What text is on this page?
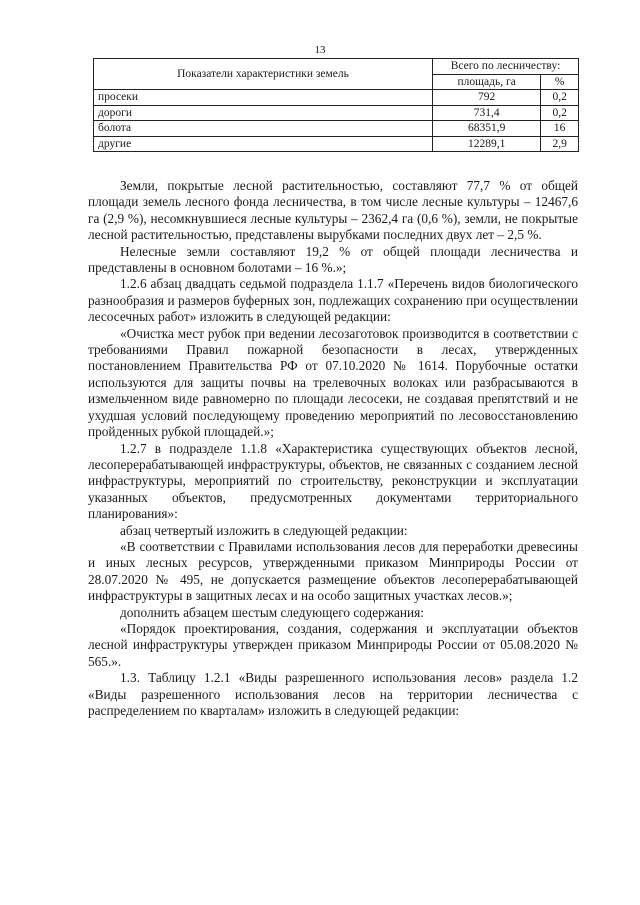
13
Показатели характеристики земель	Всего по лесничеству:	
	площадь, га	%
просеки	792	0,2
дороги	731,4	0,2
болота	68351,9	16
другие	12289,1	2,9

Земли, покрытые лесной растительностью, составляют 77,7 % от общей площади земель лесного фонда лесничества, в том числе лесные культуры – 12467,6 га (2,9 %), несомкнувшиеся лесные культуры – 2362,4 га (0,6 %), земли, не покрытые лесной растительностью, представлены вырубками последних двух лет – 2,5 %.

Нелесные земли составляют 19,2 % от общей площади лесничества и представлены в основном болотами – 16 %.»;

1.2.6 абзац двадцать седьмой подраздела 1.1.7 «Перечень видов биологического разнообразия и размеров буферных зон, подлежащих сохранению при осуществлении лесосечных работ» изложить в следующей редакции:

«Очистка мест рубок при ведении лесозаготовок производится в соответствии с требованиями Правил пожарной безопасности в лесах, утвержденных постановлением Правительства РФ от 07.10.2020 № 1614. Порубочные остатки используются для защиты почвы на трелевочных волоках или разбрасываются в измельченном виде равномерно по площади лесосеки, не создавая препятствий и не ухудшая условий последующему проведению мероприятий по лесовосстановлению пройденных рубкой площадей.»;

1.2.7 в подразделе 1.1.8 «Характеристика существующих объектов лесной, лесоперерабатывающей инфраструктуры, объектов, не связанных с созданием лесной инфраструктуры, мероприятий по строительству, реконструкции и эксплуатации указанных объектов, предусмотренных документами территориального планирования»:

абзац четвертый изложить в следующей редакции:

«В соответствии с Правилами использования лесов для переработки древесины и иных лесных ресурсов, утвержденными приказом Минприроды России от 28.07.2020 № 495, не допускается размещение объектов лесоперерабатывающей инфраструктуры в защитных лесах и на особо защитных участках лесов.»;

дополнить абзацем шестым следующего содержания:

«Порядок проектирования, создания, содержания и эксплуатации объектов лесной инфраструктуры утвержден приказом Минприроды России от 05.08.2020 № 565.».

1.3. Таблицу 1.2.1 «Виды разрешенного использования лесов» раздела 1.2 «Виды разрешенного использования лесов на территории лесничества с распределением по кварталам» изложить в следующей редакции:
